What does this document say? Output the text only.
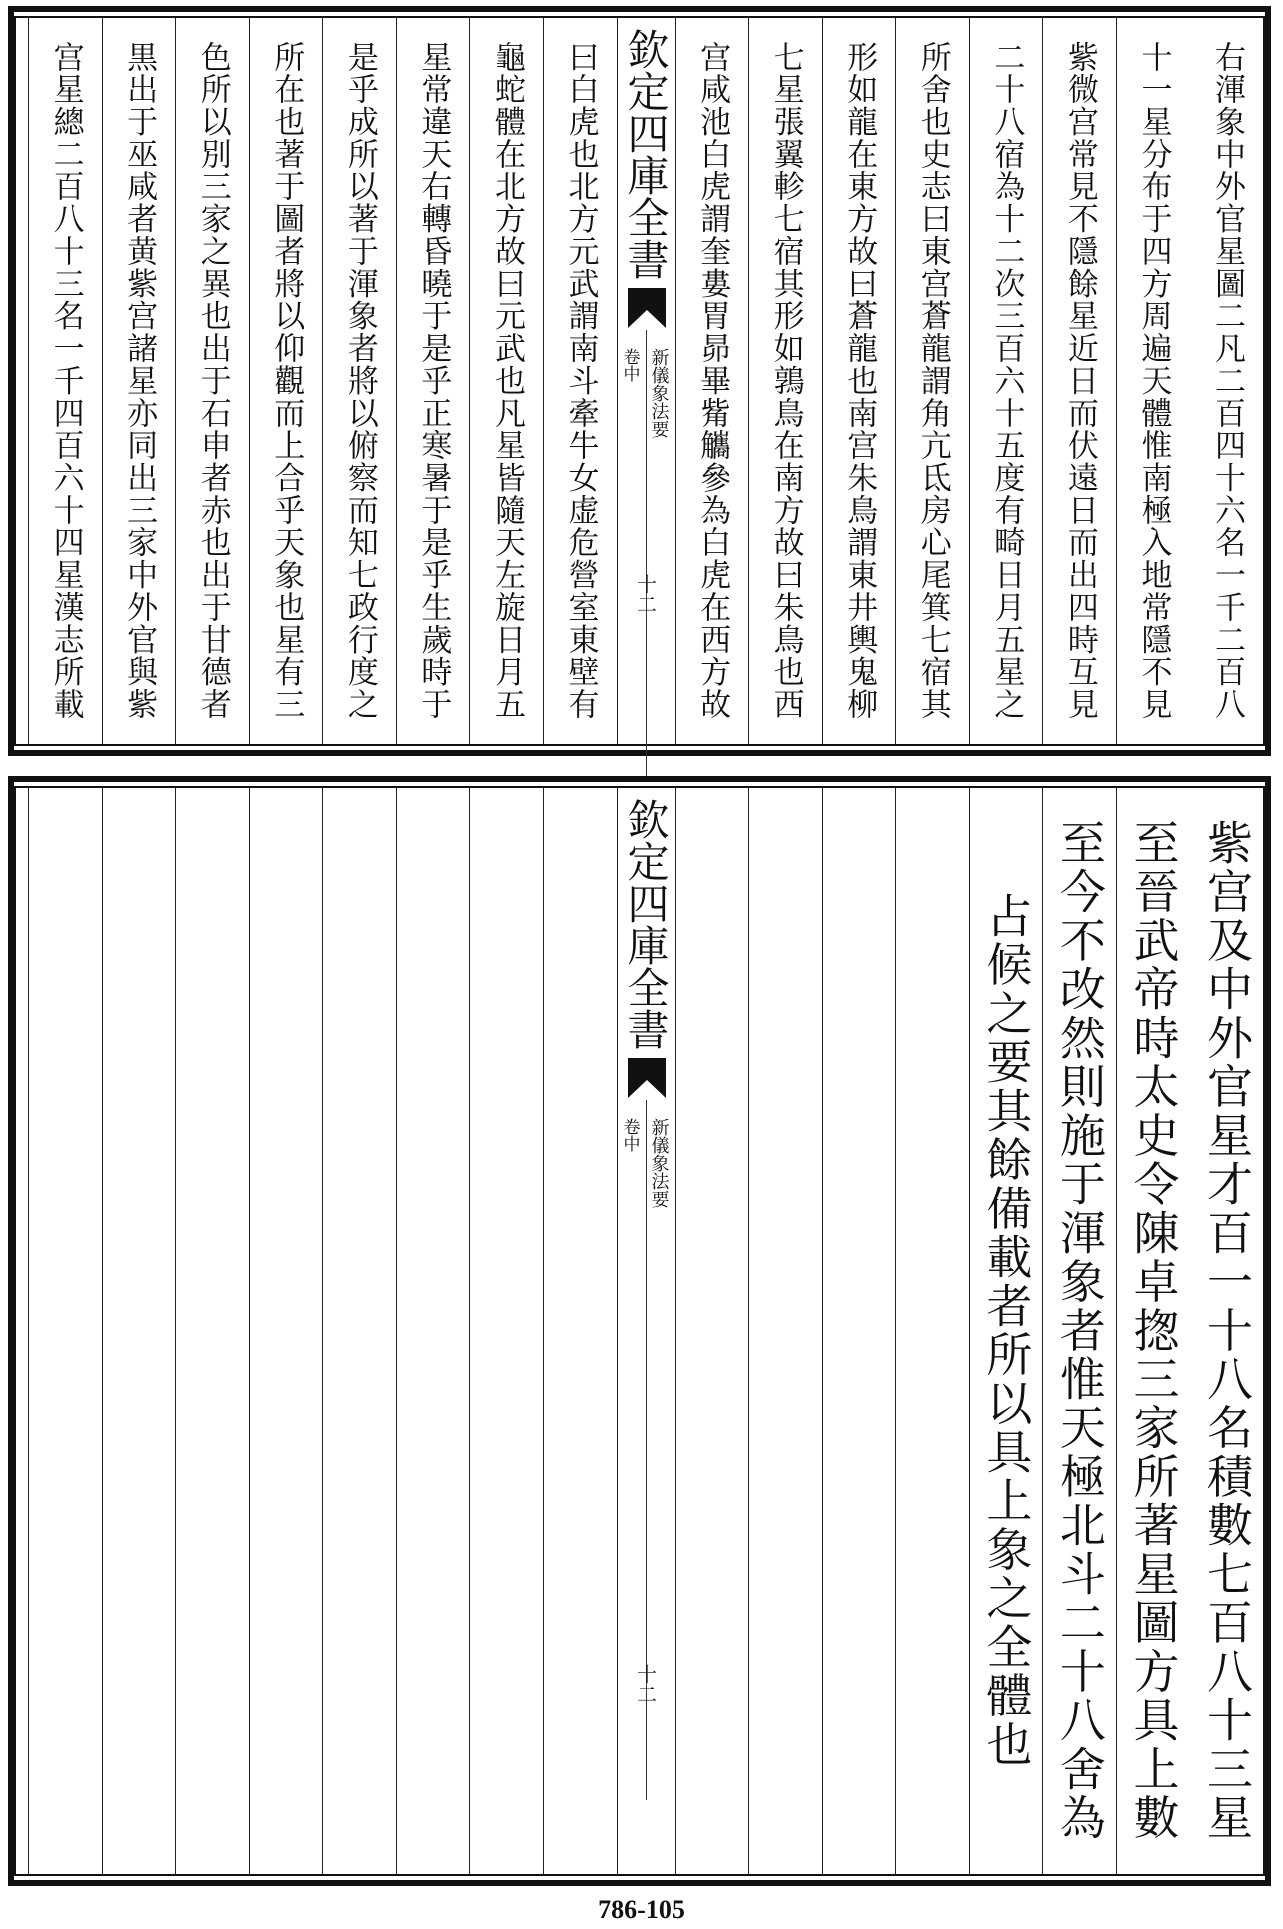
右渾象中外官星圖二凡二百四十六名一千二百八
十一星分布于四方周遍天體惟南極入地常隱不見
紫微宫常見不隱餘星近日而伏遠日而出四時互見
二十八宿為十二次三百六十五度有畸日月五星之
所舍也史志曰東宫蒼龍謂角亢氐房心尾箕七宿其
形如龍在東方故曰蒼龍也南宫朱鳥謂東井輿鬼柳
七星張翼軫七宿其形如鶉鳥在南方故曰朱鳥也西
宫咸池白虎謂奎婁胃昴畢觜觿參為白虎在西方故
欽定四庫全書
新儀象法要
卷中
十二
曰白虎也北方元武謂南斗牽牛女虚危營室東壁有
龜蛇體在北方故曰元武也凡星皆隨天左旋日月五
星常違天右轉昏曉于是乎正寒暑于是乎生歲時于
是乎成所以著于渾象者將以俯察而知七政行度之
所在也著于圖者將以仰觀而上合乎天象也星有三
色所以別三家之異也出于石申者赤也出于甘德者
黒出于巫咸者黄紫宫諸星亦同出三家中外官與紫
宫星總二百八十三名一千四百六十四星漢志所載
紫宫及中外官星才百一十八名積數七百八十三星
至晉武帝時太史令陳卓揔三家所著星圖方具上數
至今不改然則施于渾象者惟天極北斗二十八舍為
占候之要其餘備載者所以具上象之全體也
欽定四庫全書
新儀象法要
卷中
十二
786-105
